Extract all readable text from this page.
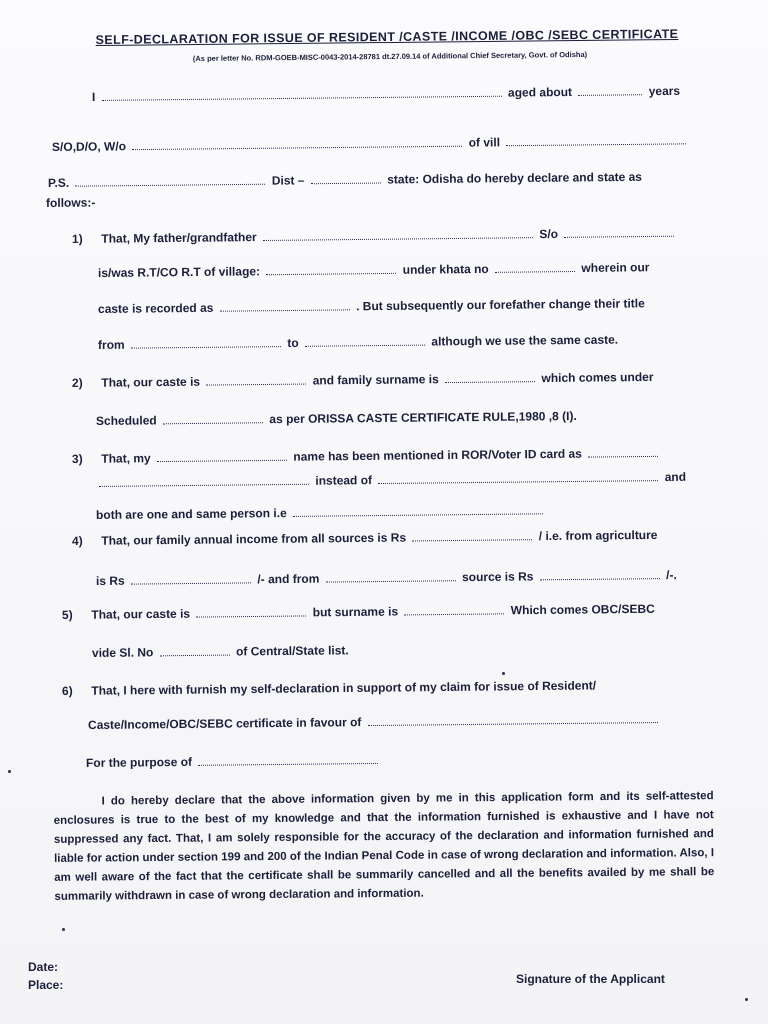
SELF-DECLARATION FOR ISSUE OF RESIDENT /CASTE /INCOME /OBC /SEBC CERTIFICATE
(As per letter No. RDM-GOEB-MISC-0043-2014-28781 dt.27.09.14 of Additional Chief Secretary, Govt. of Odisha)
I	aged about	years
S/O,D/O, W/o	of vill
P.S.	Dist –	state: Odisha do hereby declare and state as
follows:-
1) That, My father/grandfather	S/o
is/was R.T/CO R.T of village:	under khata no	wherein our
caste is recorded as	. But subsequently our forefather change their title
from	to	although we use the same caste.
2) That, our caste is	and family surname is	which comes under
Scheduled	as per ORISSA CASTE CERTIFICATE RULE,1980 ,8 (I).
3) That, my	name has been mentioned in ROR/Voter ID card as
instead of	and
both are one and same person i.e
4) That, our family annual income from all sources is Rs	/ i.e. from agriculture
is Rs	/- and from	source is Rs	/-.
5) That, our caste is	but surname is	Which comes OBC/SEBC
vide Sl. No	of Central/State list.
6) That, I here with furnish my self-declaration in support of my claim for issue of Resident/
Caste/Income/OBC/SEBC certificate in favour of
For the purpose of
I do hereby declare that the above information given by me in this application form and its self-attested enclosures is true to the best of my knowledge and that the information furnished is exhaustive and I have not suppressed any fact. That, I am solely responsible for the accuracy of the declaration and information furnished and liable for action under section 199 and 200 of the Indian Penal Code in case of wrong declaration and information. Also, I am well aware of the fact that the certificate shall be summarily cancelled and all the benefits availed by me shall be summarily withdrawn in case of wrong declaration and information.
Date:
Place:	Signature of the Applicant
